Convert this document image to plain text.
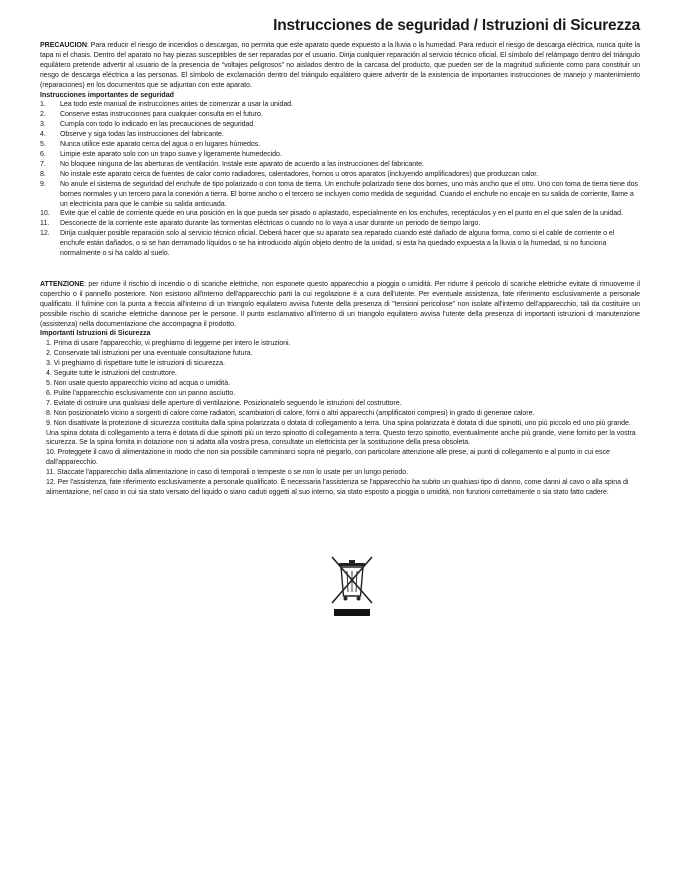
Instrucciones de seguridad / Istruzioni di Sicurezza

PRECAUCION: Para reducir el riesgo de incendios o descargas, no permita que este aparato quede expuesto a la lluvia o la humedad. Para reducir el riesgo de descarga eléctrica, nunca quite la tapa ni el chasis. Dentro del aparato no hay piezas susceptibles de ser reparadas por el usuario. Dirija cualquier reparación al servicio técnico oficial. El símbolo del relámpago dentro del triángulo equilátero pretende advertir al usuario de la presencia de “voltajes peligrosos” no aislados dentro de la carcasa del producto, que pueden ser de la magnitud suficiente como para constituir un riesgo de descarga eléctrica a las personas. El símbolo de exclamación dentro del triángulo equilátero quiere advertir de la existencia de importantes instrucciones de manejo y mantenimiento (reparaciones) en los documentos que se adjuntan con este aparato.

Instrucciones importantes de seguridad

1. Lea todo este manual de instrucciones antes de comenzar a usar la unidad.
2. Conserve estas instrucciones para cualquier consulta en el futuro.
3. Cumpla con todo lo indicado en las precauciones de seguridad.
4. Observe y siga todas las instrucciones del fabricante.
5. Nunca utilice este aparato cerca del agua o en lugares húmedos.
6. Limpie este aparato solo con un trapo suave y ligeramente humedecido.
7. No bloquee ninguna de las aberturas de ventilación. Instale este aparato de acuerdo a las instrucciones del fabricante.
8. No instale este aparato cerca de fuentes de calor como radiadores, calentadores, hornos u otros aparatos (incluyendo amplificadores) que produzcan calor.
9. No anule el sistema de seguridad del enchufe de tipo polarizado o con toma de tierra. Un enchufe polarizado tiene dos bornes, uno más ancho que el otro. Uno con toma de tierra tiene dos bornes normales y un tercero para la conexión a tierra. El borne ancho o el tercero se incluyen como medida de seguridad. Cuando el enchufe no encaje en su salida de corriente, llame a un electricista para que le cambie su salida anticuada.
10. Evite que el cable de corriente quede en una posición en la que pueda ser pisado o aplastado, especialmente en los enchufes, receptáculos y en el punto en el que salen de la unidad.
11. Desconecte de la corriente este aparato durante las tormentas eléctricas o cuando no lo vaya a usar durante un periodo de tiempo largo.
12. Dirija cualquier posible reparación solo al servicio técnico oficial. Deberá hacer que su aparato sea reparado cuando esté dañado de alguna forma, como si el cable de corriente o el enchufe están dañados, o si se han derramado líquidos o se ha introducido algún objeto dentro de la unidad, si esta ha quedado expuesta a la lluvia o la humedad, si no funciona normalmente o si ha caído al suelo.

ATTENZIONE: per ridurre il rischio di incendio o di scariche elettriche, non esponete questo apparecchio a pioggia o umidità. Per ridurre il pericolo di scariche elettriche evitate di rimuoverne il coperchio o il pannello posteriore. Non esistono all'interno dell'apparecchio parti la cui regolazione è a cura dell'utente. Per eventuale assistenza, fate riferimento esclusivamente a personale qualificato. Il fulmine con la punta a freccia all'interno di un triangolo equilatero avvisa l'utente della presenza di "tensioni pericolose" non isolate all'interno dell'apparecchio, tali da costituire un possibile rischio di scariche elettriche dannose per le persone. Il punto esclamativo all'interno di un triangolo equilatero avvisa l'utente della presenza di importanti istruzioni di manutenzione (assistenza) nella documentazione che accompagna il prodotto.

Importanti Istruzioni di Sicurezza

1. Prima di usare l'apparecchio, vi preghiamo di leggerne per intero le istruzioni.
2. Conservate tali istruzioni per una eventuale consultazione futura.
3. Vi preghiamo di rispettare tutte le istruzioni di sicurezza.
4. Seguite tutte le istruzioni del costruttore.
5. Non usate questo apparecchio vicino ad acqua o umidità.
6. Pulite l'apparecchio esclusivamente con un panno asciutto.
7. Evitate di ostruire una qualsiasi delle aperture di ventilazione. Posizionatelo seguendo le istruzioni del costruttore.
8. Non posizionatelo vicino a sorgenti di calore come radiatori, scambiatori di calore, forni o altri apparecchi (amplificatori compresi) in grado di generare calore.
9. Non disattivate la protezione di sicurezza costituita dalla spina polarizzata o dotata di collegamento a terra. Una spina polarizzata è dotata di due spinotti, uno più piccolo ed uno più grande. Una spina dotata di collegamento a terra è dotata di due spinotti più un terzo spinotto di collegamento a terra. Questo terzo spinotto, eventualmente anche più grande, viene fornito per la vostra sicurezza. Se la spina fornita in dotazione non si adatta alla vostra presa, consultate un elettricista per la sostituzione della presa obsoleta.
10. Proteggete il cavo di alimentazione in modo che non sia possibile camminarci sopra né piegarlo, con particolare attenzione alle prese, ai punti di collegamento e al punto in cui esce dall'apparecchio.
11. Staccate l'apparecchio dalla alimentazione in caso di temporali o tempeste o se non lo usate per un lungo periodo.
12. Per l'assistenza, fate riferimento esclusivamente a personale qualificato. È necessaria l'assistenza se l'apparecchio ha subito un qualsiasi tipo di danno, come danni al cavo o alla spina di alimentazione, nel caso in cui sia stato versato del liquido o siano caduti oggetti al suo interno, sia stato esposto a pioggia o umidità, non funzioni correttamente o sia stato fatto cadere.
